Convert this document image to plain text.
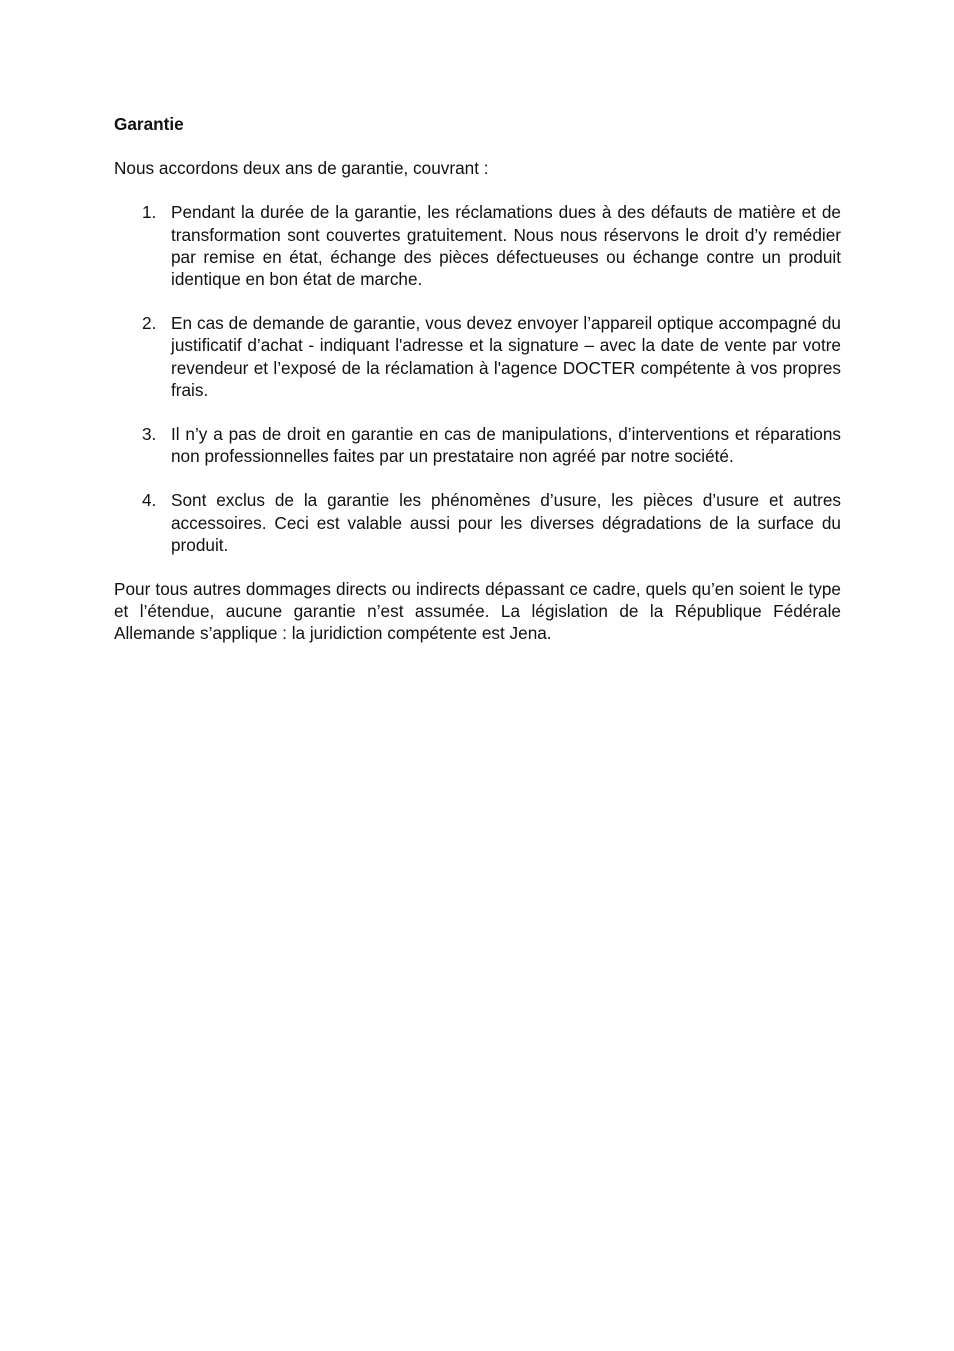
Garantie
Nous accordons deux ans de garantie, couvrant :
1. Pendant la durée de la garantie, les réclamations dues à des défauts de matière et de transformation sont couvertes gratuitement. Nous nous réservons le droit d’y remédier par remise en état, échange des pièces défectueuses ou échange contre un produit identique en bon état de marche.
2. En cas de demande de garantie, vous devez envoyer l’appareil optique accompagné du justificatif d’achat - indiquant l'adresse et la signature – avec la date de vente par votre revendeur et l’exposé de la réclamation à l'agence DOCTER compétente à vos propres frais.
3. Il n’y a pas de droit en garantie en cas de manipulations, d’interventions et réparations non professionnelles faites par un prestataire non agréé par notre société.
4. Sont exclus de la garantie les phénomènes d’usure, les pièces d’usure et autres accessoires. Ceci est valable aussi pour les diverses dégradations de la surface du produit.
Pour tous autres dommages directs ou indirects dépassant ce cadre, quels qu’en soient le type et l’étendue, aucune garantie n’est assumée. La législation de la République Fédérale Allemande s’applique : la juridiction compétente est Jena.
